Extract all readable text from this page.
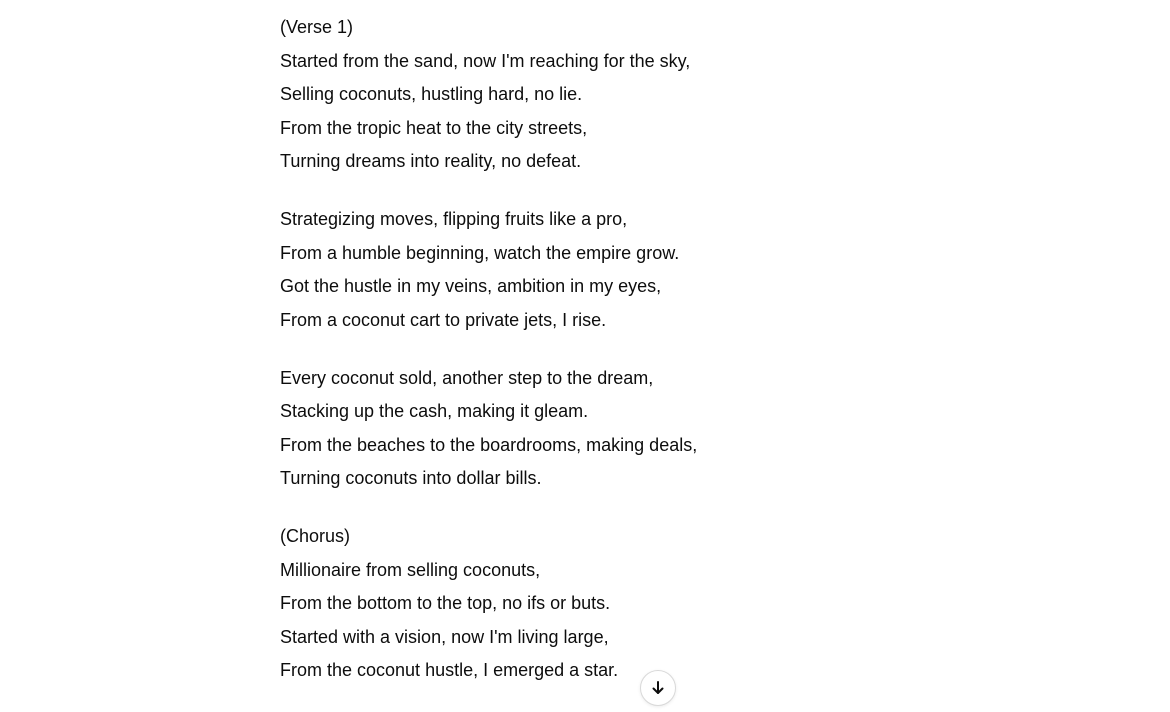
(Verse 1)
Started from the sand, now I'm reaching for the sky,
Selling coconuts, hustling hard, no lie.
From the tropic heat to the city streets,
Turning dreams into reality, no defeat.
Strategizing moves, flipping fruits like a pro,
From a humble beginning, watch the empire grow.
Got the hustle in my veins, ambition in my eyes,
From a coconut cart to private jets, I rise.
Every coconut sold, another step to the dream,
Stacking up the cash, making it gleam.
From the beaches to the boardrooms, making deals,
Turning coconuts into dollar bills.
(Chorus)
Millionaire from selling coconuts,
From the bottom to the top, no ifs or buts.
Started with a vision, now I'm living large,
From the coconut hustle, I emerged a star.
